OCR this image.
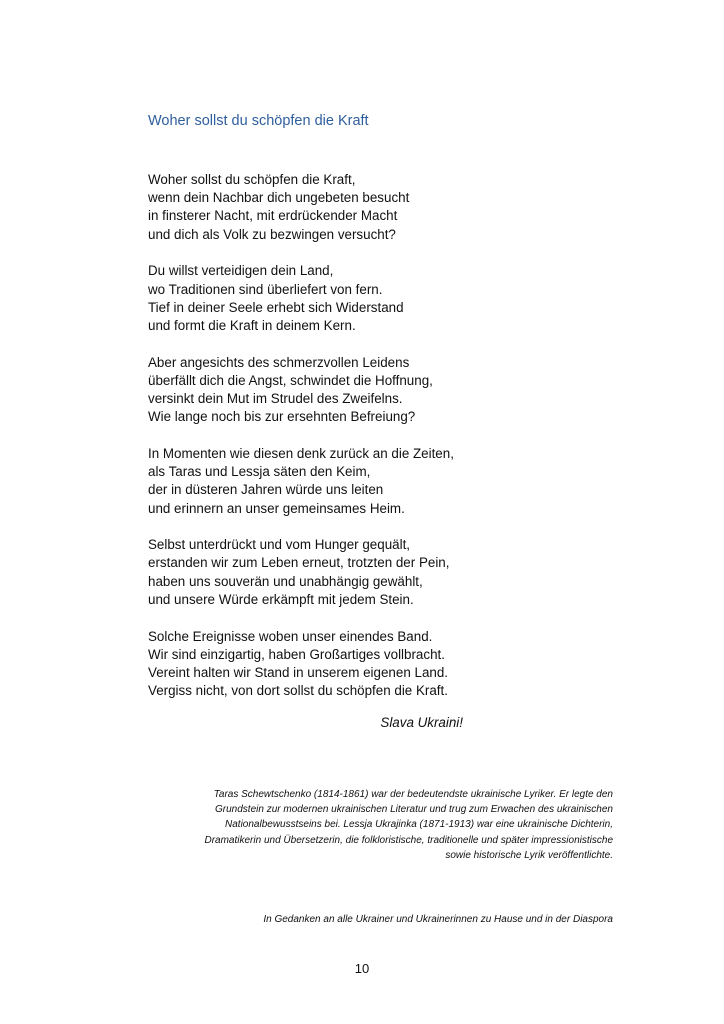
Woher sollst du schöpfen die Kraft
Woher sollst du schöpfen die Kraft,
wenn dein Nachbar dich ungebeten besucht
in finsterer Nacht, mit erdrückender Macht
und dich als Volk zu bezwingen versucht?
Du willst verteidigen dein Land,
wo Traditionen sind überliefert von fern.
Tief in deiner Seele erhebt sich Widerstand
und formt die Kraft in deinem Kern.
Aber angesichts des schmerzvollen Leidens
überfällt dich die Angst, schwindet die Hoffnung,
versinkt dein Mut im Strudel des Zweifelns.
Wie lange noch bis zur ersehnten Befreiung?
In Momenten wie diesen denk zurück an die Zeiten,
als Taras und Lessja säten den Keim,
der in düsteren Jahren würde uns leiten
und erinnern an unser gemeinsames Heim.
Selbst unterdrückt und vom Hunger gequält,
erstanden wir zum Leben erneut, trotzten der Pein,
haben uns souverän und unabhängig gewählt,
und unsere Würde erkämpft mit jedem Stein.
Solche Ereignisse woben unser einendes Band.
Wir sind einzigartig, haben Großartiges vollbracht.
Vereint halten wir Stand in unserem eigenen Land.
Vergiss nicht, von dort sollst du schöpfen die Kraft.
Slava Ukraini!
Taras Schewtschenko (1814-1861) war der bedeutendste ukrainische Lyriker. Er legte den
Grundstein zur modernen ukrainischen Literatur und trug zum Erwachen des ukrainischen
Nationalbewusstseins bei. Lessja Ukrajinka (1871-1913) war eine ukrainische Dichterin,
Dramatikerin und Übersetzerin, die folkloristische, traditionelle und später impressionistische
sowie historische Lyrik veröffentlichte.
In Gedanken an alle Ukrainer und Ukrainerinnen zu Hause und in der Diaspora
10
